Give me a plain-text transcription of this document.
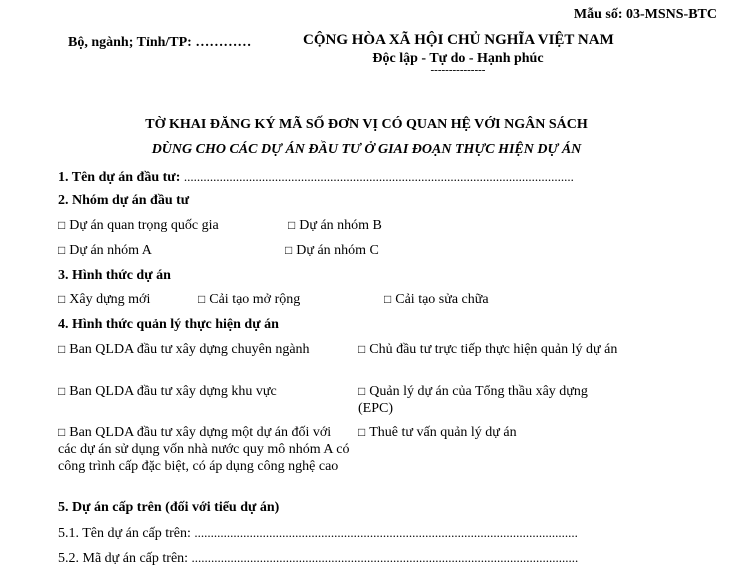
Mẫu số: 03-MSNS-BTC
Bộ, ngành; Tỉnh/TP: …………	CỘNG HÒA XÃ HỘI CHỦ NGHĨA VIỆT NAM
Độc lập - Tự do - Hạnh phúc
---------------
TỜ KHAI ĐĂNG KÝ MÃ SỐ ĐƠN VỊ CÓ QUAN HỆ VỚI NGÂN SÁCH
DÙNG CHO CÁC DỰ ÁN ĐẦU TƯ Ở GIAI ĐOẠN THỰC HIỆN DỰ ÁN
1. Tên dự án đầu tư: ........................................................................................................................
2. Nhóm dự án đầu tư
□ Dự án quan trọng quốc gia	□ Dự án nhóm B
□ Dự án nhóm A	□ Dự án nhóm C
3. Hình thức dự án
□ Xây dựng mới	□ Cải tạo mở rộng	□ Cải tạo sửa chữa
4. Hình thức quản lý thực hiện dự án
□ Ban QLDA đầu tư xây dựng chuyên ngành	□ Chủ đầu tư trực tiếp thực hiện quản lý dự án
□ Ban QLDA đầu tư xây dựng khu vực	□ Quản lý dự án của Tổng thầu xây dựng (EPC)
□ Ban QLDA đầu tư xây dựng một dự án đối với các dự án sử dụng vốn nhà nước quy mô nhóm A có công trình cấp đặc biệt, có áp dụng công nghệ cao
□ Thuê tư vấn quản lý dự án
5. Dự án cấp trên (đối với tiểu dự án)
5.1. Tên dự án cấp trên: ......................................................................................................................
5.2. Mã dự án cấp trên: .......................................................................................................................
